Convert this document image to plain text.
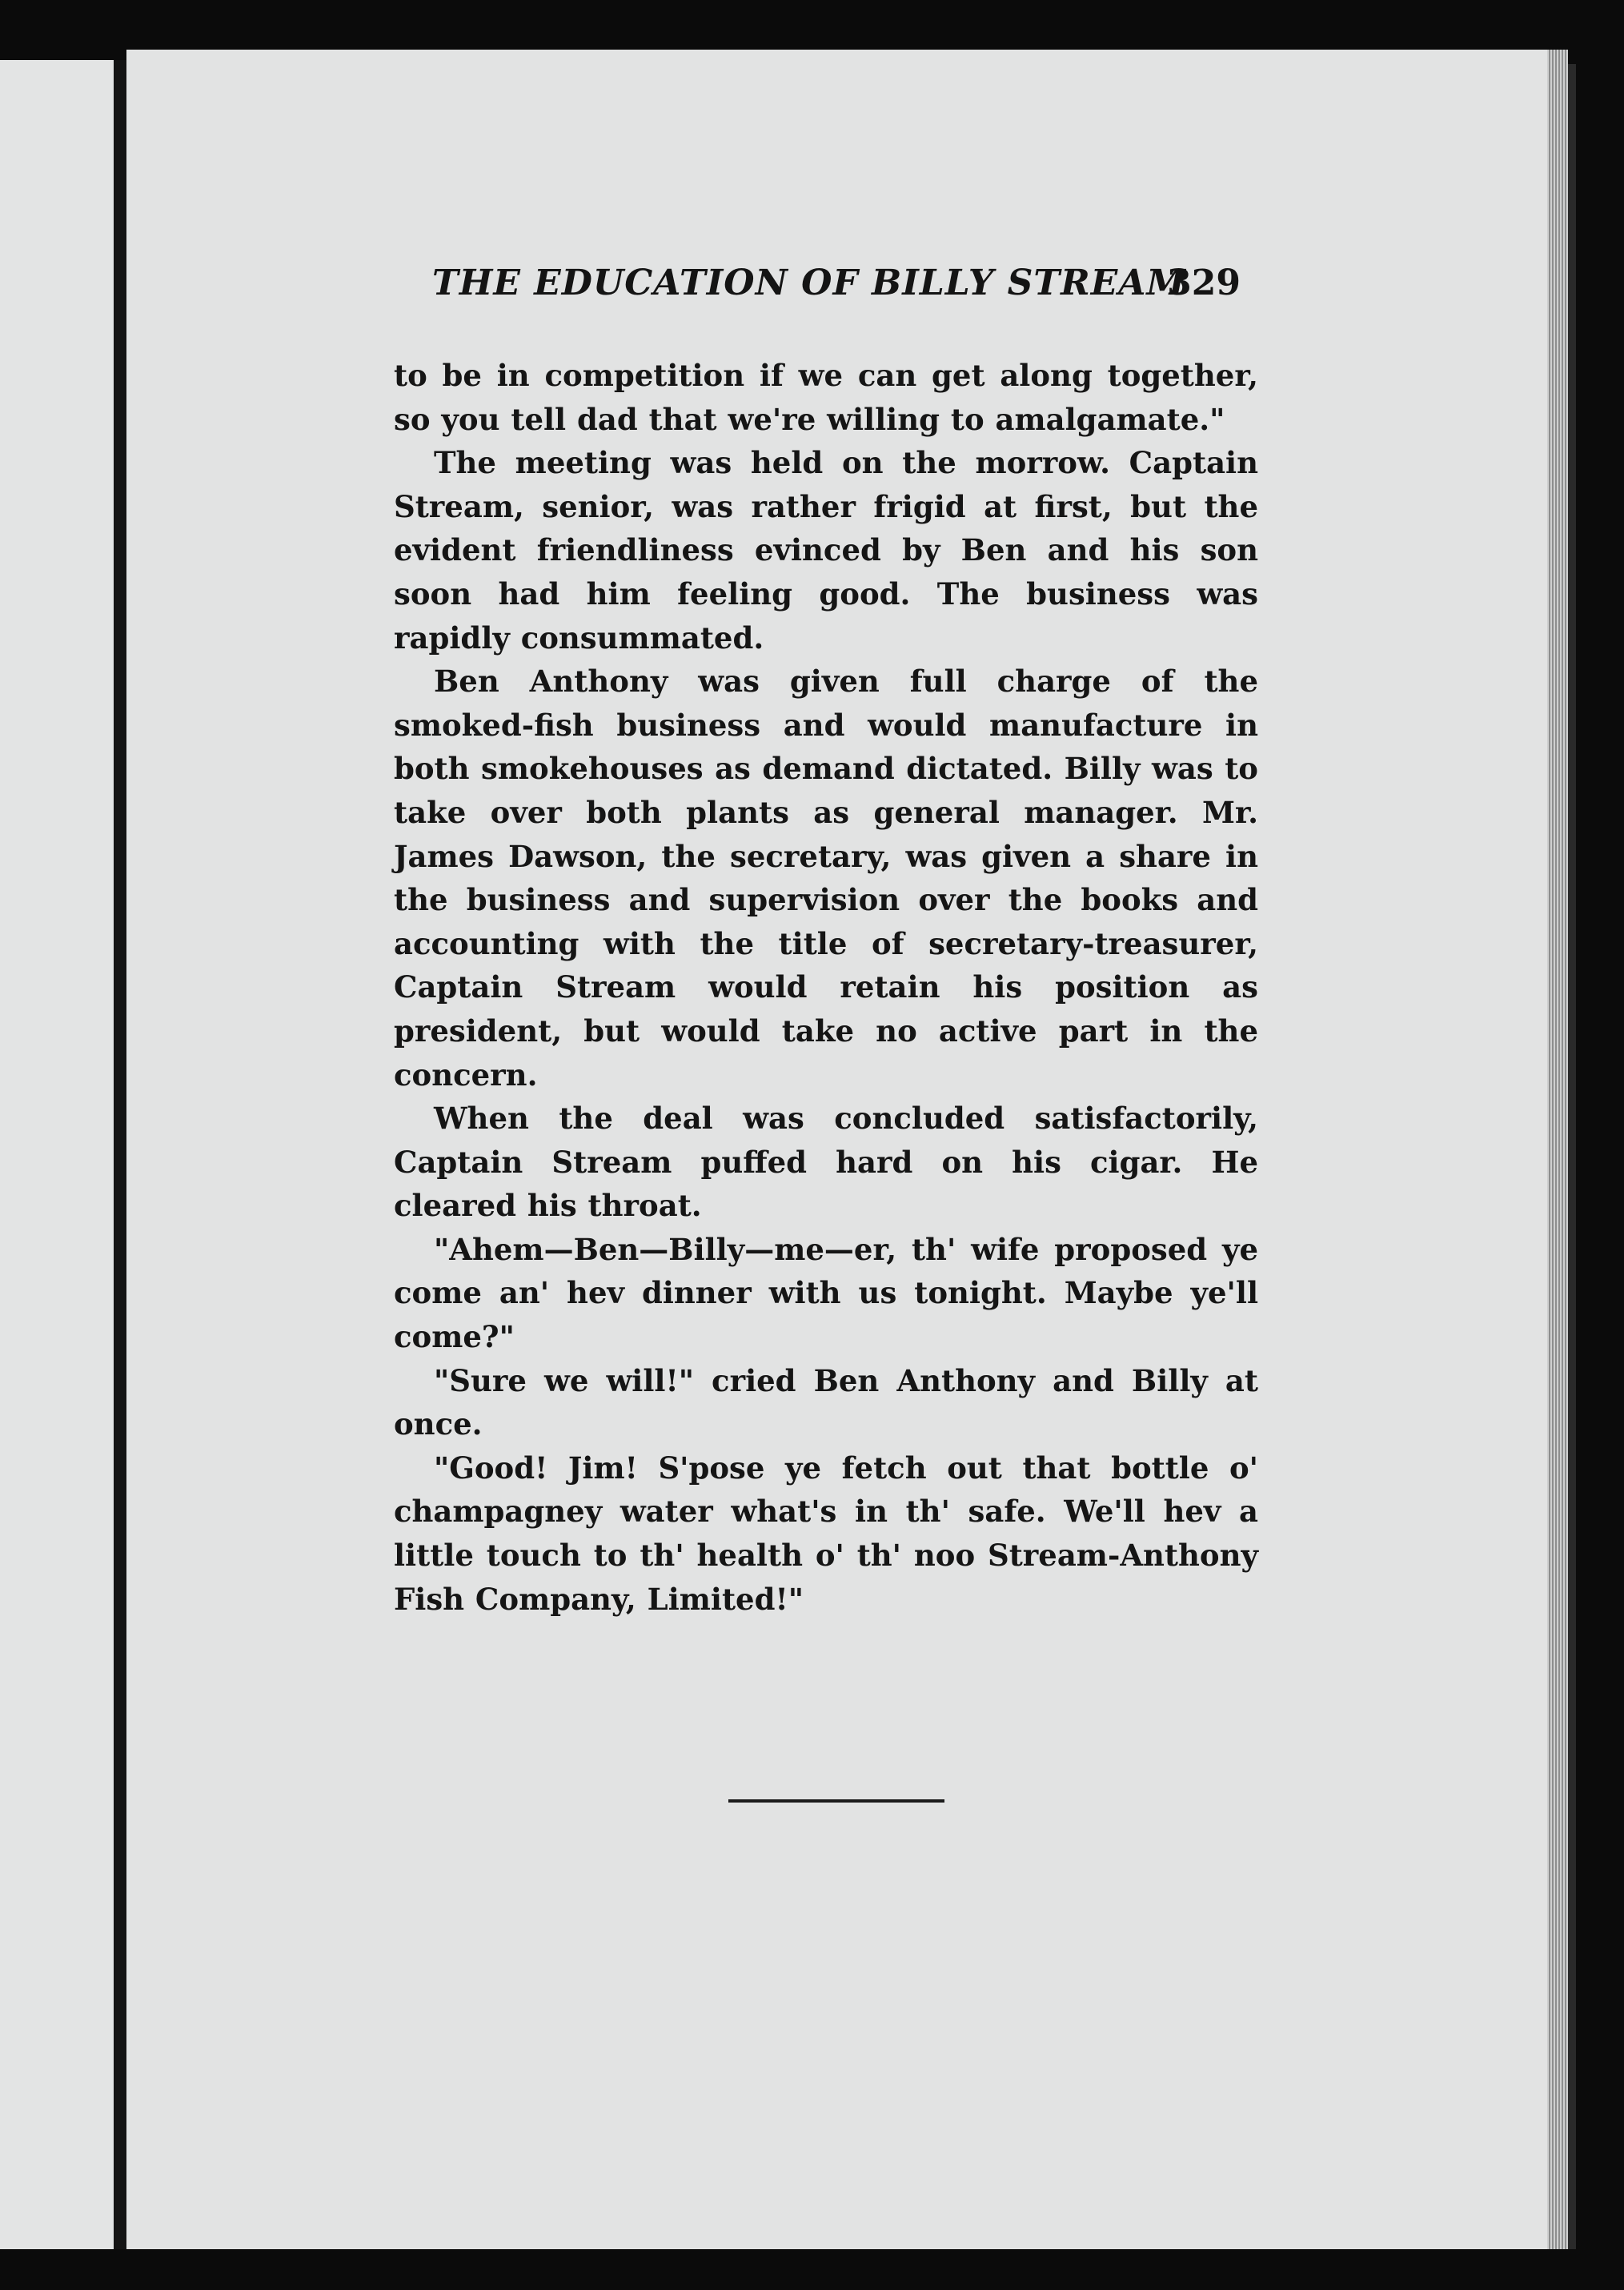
THE EDUCATION OF BILLY STREAM
329

to be in competition if we can get along together, so you tell dad that we're willing to amalgamate."

The meeting was held on the morrow. Captain Stream, senior, was rather frigid at first, but the evident friendliness evinced by Ben and his son soon had him feeling good. The business was rapidly consummated.

Ben Anthony was given full charge of the smoked-fish business and would manufacture in both smokehouses as demand dictated. Billy was to take over both plants as general manager. Mr. James Dawson, the secretary, was given a share in the business and supervision over the books and accounting with the title of secretary-treasurer, Captain Stream would retain his position as president, but would take no active part in the concern.

When the deal was concluded satisfactorily, Captain Stream puffed hard on his cigar. He cleared his throat.

"Ahem—Ben—Billy—me—er, th' wife proposed ye come an' hev dinner with us tonight. Maybe ye'll come?"

"Sure we will!" cried Ben Anthony and Billy at once.

"Good! Jim! S'pose ye fetch out that bottle o' champagney water what's in th' safe. We'll hev a little touch to th' health o' th' noo Stream-Anthony Fish Company, Limited!"
